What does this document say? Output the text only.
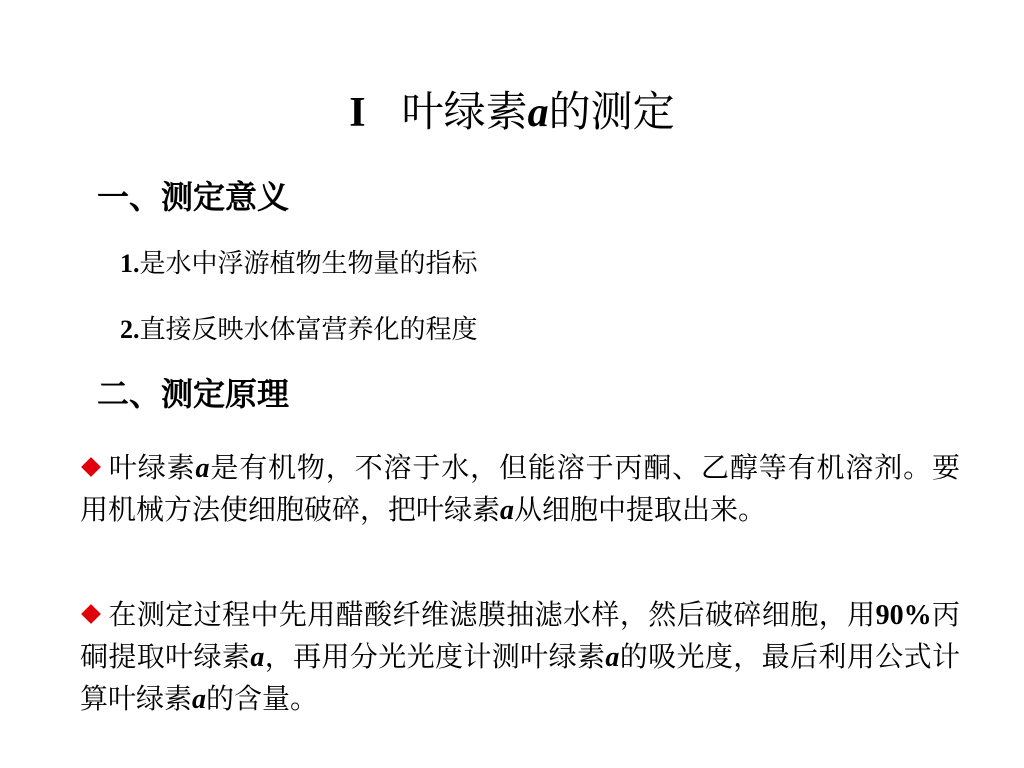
I 叶绿素a的测定
一、测定意义
1.是水中浮游植物生物量的指标
2.直接反映水体富营养化的程度
二、测定原理
叶绿素a是有机物，不溶于水，但能溶于丙酮、乙醇等有机溶剂。要用机械方法使细胞破碎，把叶绿素a从细胞中提取出来。
在测定过程中先用醋酸纤维滤膜抽滤水样，然后破碎细胞，用90%丙硐提取叶绿素a，再用分光光度计测叶绿素a的吸光度，最后利用公式计算叶绿素a的含量。
